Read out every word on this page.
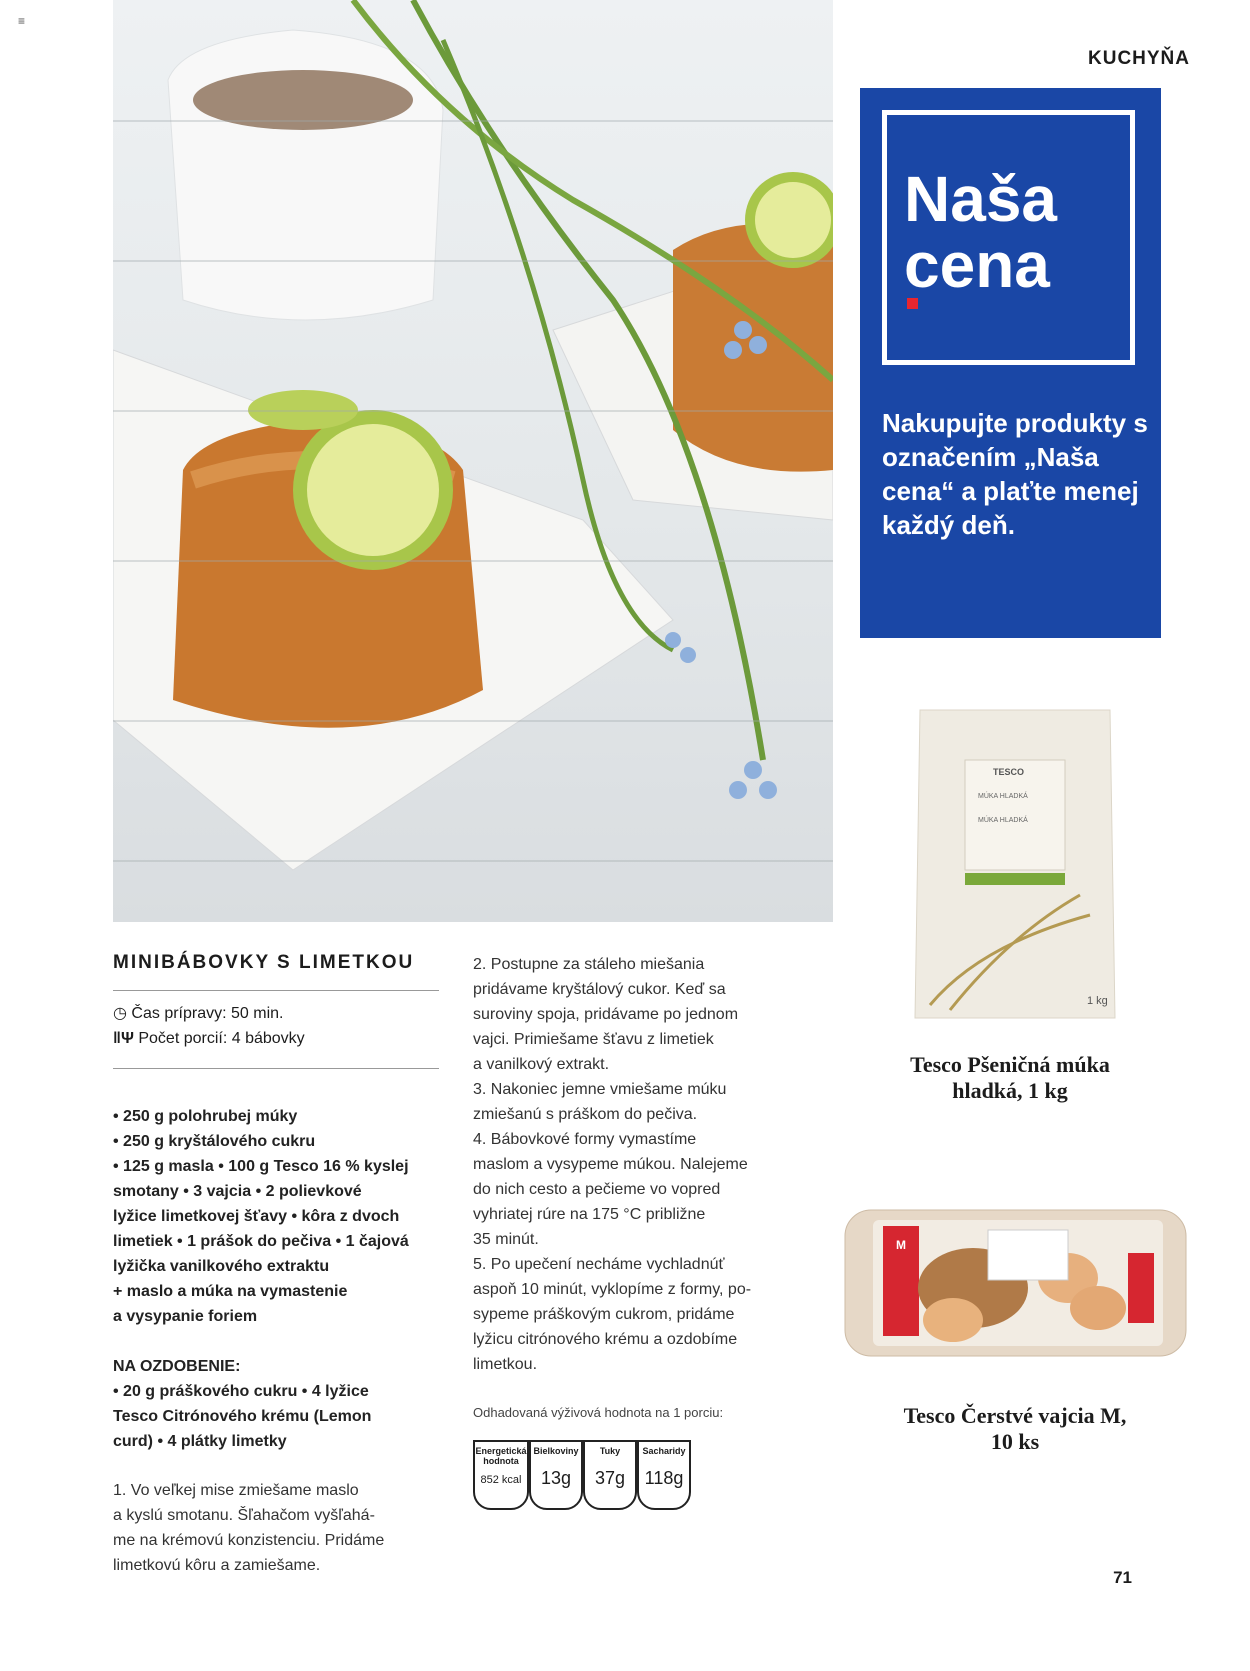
≡
KUCHYŇA
Naša
cena
Nakupujte produkty s označením „Naša cena“ a plaťte menej každý deň.
TESCO
MÚKA HLADKÁ
MÚKA HLADKÁ
1 kg
Tesco Pšeničná múka
hladká, 1 kg
M
Tesco Čerstvé vajcia M,
10 ks
MINIBÁBOVKY S LIMETKOU
◷ Čas prípravy: 50 min.
ǁΨ Počet porcií: 4 bábovky
• 250 g polohrubej múky
• 250 g kryštálového cukru
• 125 g masla • 100 g Tesco 16 % kyslej
smotany • 3 vajcia • 2 polievkové
lyžice limetkovej šťavy • kôra z dvoch
limetiek • 1 prášok do pečiva • 1 čajová
lyžička vanilkového extraktu
+ maslo a múka na vymastenie
a vysypanie foriem
NA OZDOBENIE:
• 20 g práškového cukru • 4 lyžice
Tesco Citrónového krému (Lemon
curd) • 4 plátky limetky
1. Vo veľkej mise zmiešame maslo
a kyslú smotanu. Šľahačom vyšľahá-
me na krémovú konzistenciu. Pridáme
limetkovú kôru a zamiešame.
2. Postupne za stáleho miešania
pridávame kryštálový cukor. Keď sa
suroviny spoja, pridávame po jednom
vajci. Primiešame šťavu z limetiek
a vanilkový extrakt.
3. Nakoniec jemne vmiešame múku
zmiešanú s práškom do pečiva.
4. Bábovkové formy vymastíme
maslom a vysypeme múkou. Nalejeme
do nich cesto a pečieme vo vopred
vyhriatej rúre na 175 °C približne
35 minút.
5. Po upečení necháme vychladnúť
aspoň 10 minút, vyklopíme z formy, po-
sypeme práškovým cukrom, pridáme
lyžicu citrónového krému a ozdobíme
limetkou.
Odhadovaná výživová hodnota na 1 porciu:
Energetická hodnota
852 kcal
Bielkoviny
13g
Tuky
37g
Sacharidy
118g
71
